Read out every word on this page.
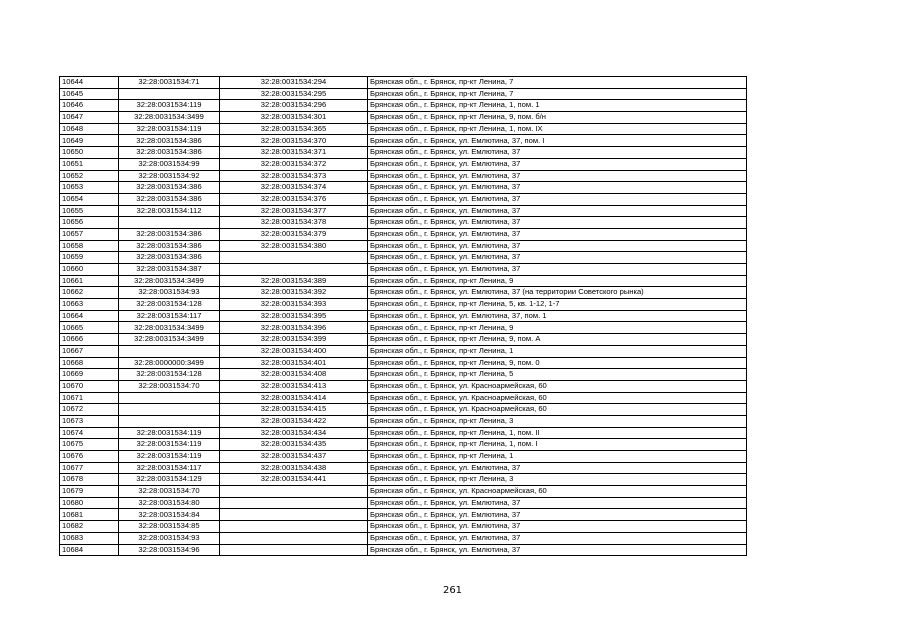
10644	32:28:0031534:71	32:28:0031534:294	Брянская обл., г. Брянск, пр-кт Ленина, 7
10645		32:28:0031534:295	Брянская обл., г. Брянск, пр-кт Ленина, 7
10646	32:28:0031534:119	32:28:0031534:296	Брянская обл., г. Брянск, пр-кт Ленина, 1, пом. 1
10647	32:28:0031534:3499	32:28:0031534:301	Брянская обл., г. Брянск, пр-кт Ленина, 9, пом. б/н
10648	32:28:0031534:119	32:28:0031534:365	Брянская обл., г. Брянск, пр-кт Ленина, 1, пом. IX
10649	32:28:0031534:386	32:28:0031534:370	Брянская обл., г. Брянск, ул. Емлютина, 37, пом. I
10650	32:28:0031534:386	32:28:0031534:371	Брянская обл., г. Брянск, ул. Емлютина, 37
10651	32:28:0031534:99	32:28:0031534:372	Брянская обл., г. Брянск, ул. Емлютина, 37
10652	32:28:0031534:92	32:28:0031534:373	Брянская обл., г. Брянск, ул. Емлютина, 37
10653	32:28:0031534:386	32:28:0031534:374	Брянская обл., г. Брянск, ул. Емлютина, 37
10654	32:28:0031534:386	32:28:0031534:376	Брянская обл., г. Брянск, ул. Емлютина, 37
10655	32:28:0031534:112	32:28:0031534:377	Брянская обл., г. Брянск, ул. Емлютина, 37
10656		32:28:0031534:378	Брянская обл., г. Брянск, ул. Емлютина, 37
10657	32:28:0031534:386	32:28:0031534:379	Брянская обл., г. Брянск, ул. Емлютина, 37
10658	32:28:0031534:386	32:28:0031534:380	Брянская обл., г. Брянск, ул. Емлютина, 37
10659	32:28:0031534:386		Брянская обл., г. Брянск, ул. Емлютина, 37
10660	32:28:0031534:387		Брянская обл., г. Брянск, ул. Емлютина, 37
10661	32:28:0031534:3499	32:28:0031534:389	Брянская обл., г. Брянск, пр-кт Ленина, 9
10662	32:28:0031534:93	32:28:0031534:392	Брянская обл., г. Брянск, ул. Емлютина, 37 (на территории Советского рынка)
10663	32:28:0031534:128	32:28:0031534:393	Брянская обл., г. Брянск, пр-кт Ленина, 5, кв. 1-12, 1-7
10664	32:28:0031534:117	32:28:0031534:395	Брянская обл., г. Брянск, ул. Емлютина, 37, пом. 1
10665	32:28:0031534:3499	32:28:0031534:396	Брянская обл., г. Брянск, пр-кт Ленина, 9
10666	32:28:0031534:3499	32:28:0031534:399	Брянская обл., г. Брянск, пр-кт Ленина, 9, пом. А
10667		32:28:0031534:400	Брянская обл., г. Брянск, пр-кт Ленина, 1
10668	32:28:0000000:3499	32:28:0031534:401	Брянская обл., г. Брянск, пр-кт Ленина, 9, пом. 0
10669	32:28:0031534:128	32:28:0031534:408	Брянская обл., г. Брянск, пр-кт Ленина, 5
10670	32:28:0031534:70	32:28:0031534:413	Брянская обл., г. Брянск, ул. Красноармейская, 60
10671		32:28:0031534:414	Брянская обл., г. Брянск, ул. Красноармейская, 60
10672		32:28:0031534:415	Брянская обл., г. Брянск, ул. Красноармейская, 60
10673		32:28:0031534:422	Брянская обл., г. Брянск, пр-кт Ленина, 3
10674	32:28:0031534:119	32:28:0031534:434	Брянская обл., г. Брянск, пр-кт Ленина, 1, пом. II
10675	32:28:0031534:119	32:28:0031534:435	Брянская обл., г. Брянск, пр-кт Ленина, 1, пом. I
10676	32:28:0031534:119	32:28:0031534:437	Брянская обл., г. Брянск, пр-кт Ленина, 1
10677	32:28:0031534:117	32:28:0031534:438	Брянская обл., г. Брянск, ул. Емлютина, 37
10678	32:28:0031534:129	32:28:0031534:441	Брянская обл., г. Брянск, пр-кт Ленина, 3
10679	32:28:0031534:70		Брянская обл., г. Брянск, ул. Красноармейская, 60
10680	32:28:0031534:80		Брянская обл., г. Брянск, ул. Емлютина, 37
10681	32:28:0031534:84		Брянская обл., г. Брянск, ул. Емлютина, 37
10682	32:28:0031534:85		Брянская обл., г. Брянск, ул. Емлютина, 37
10683	32:28:0031534:93		Брянская обл., г. Брянск, ул. Емлютина, 37
10684	32:28:0031534:96		Брянская обл., г. Брянск, ул. Емлютина, 37
261
